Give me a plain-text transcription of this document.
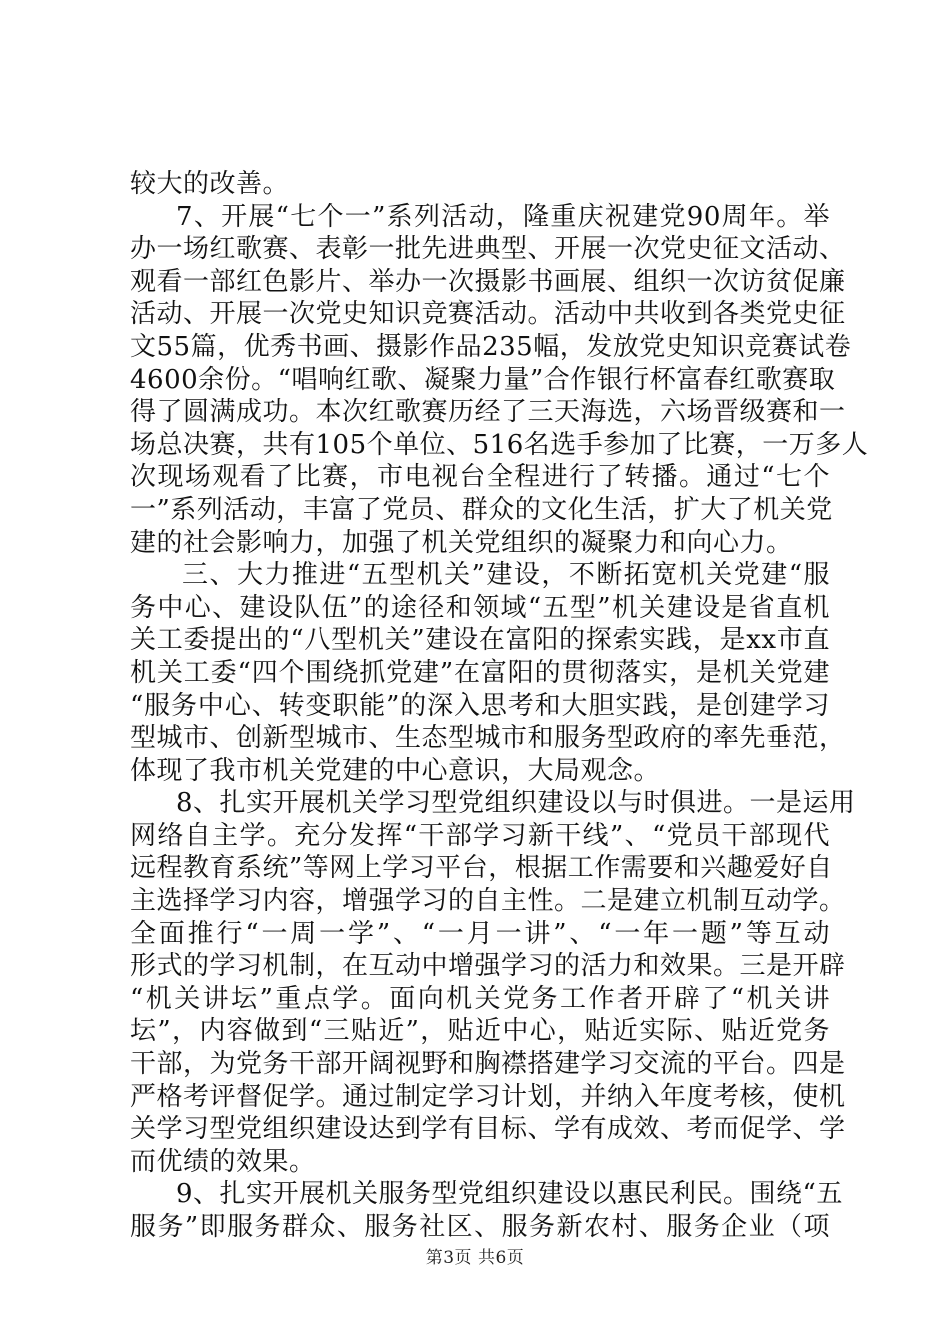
较大的改善。
7、开展“七个一”系列活动，隆重庆祝建党90周年。举
办一场红歌赛、表彰一批先进典型、开展一次党史征文活动、
观看一部红色影片、举办一次摄影书画展、组织一次访贫促廉
活动、开展一次党史知识竞赛活动。活动中共收到各类党史征
文55篇，优秀书画、摄影作品235幅，发放党史知识竞赛试卷
4600余份。“唱响红歌、凝聚力量”合作银行杯富春红歌赛取
得了圆满成功。本次红歌赛历经了三天海选，六场晋级赛和一
场总决赛，共有105个单位、516名选手参加了比赛，一万多人
次现场观看了比赛，市电视台全程进行了转播。通过“七个
一”系列活动，丰富了党员、群众的文化生活，扩大了机关党
建的社会影响力，加强了机关党组织的凝聚力和向心力。
三、大力推进“五型机关”建设，不断拓宽机关党建“服
务中心、建设队伍”的途径和领域“五型”机关建设是省直机
关工委提出的“八型机关”建设在富阳的探索实践，是xx市直
机关工委“四个围绕抓党建”在富阳的贯彻落实，是机关党建
“服务中心、转变职能”的深入思考和大胆实践，是创建学习
型城市、创新型城市、生态型城市和服务型政府的率先垂范，
体现了我市机关党建的中心意识，大局观念。
8、扎实开展机关学习型党组织建设以与时俱进。一是运用
网络自主学。充分发挥“干部学习新干线”、“党员干部现代
远程教育系统”等网上学习平台，根据工作需要和兴趣爱好自
主选择学习内容，增强学习的自主性。二是建立机制互动学。
全面推行“一周一学”、“一月一讲”、“一年一题”等互动
形式的学习机制，在互动中增强学习的活力和效果。三是开辟
“机关讲坛”重点学。面向机关党务工作者开辟了“机关讲
坛”，内容做到“三贴近”，贴近中心，贴近实际、贴近党务
干部，为党务干部开阔视野和胸襟搭建学习交流的平台。四是
严格考评督促学。通过制定学习计划，并纳入年度考核，使机
关学习型党组织建设达到学有目标、学有成效、考而促学、学
而优绩的效果。
9、扎实开展机关服务型党组织建设以惠民利民。围绕“五
服务”即服务群众、服务社区、服务新农村、服务企业（项
第3页 共6页
